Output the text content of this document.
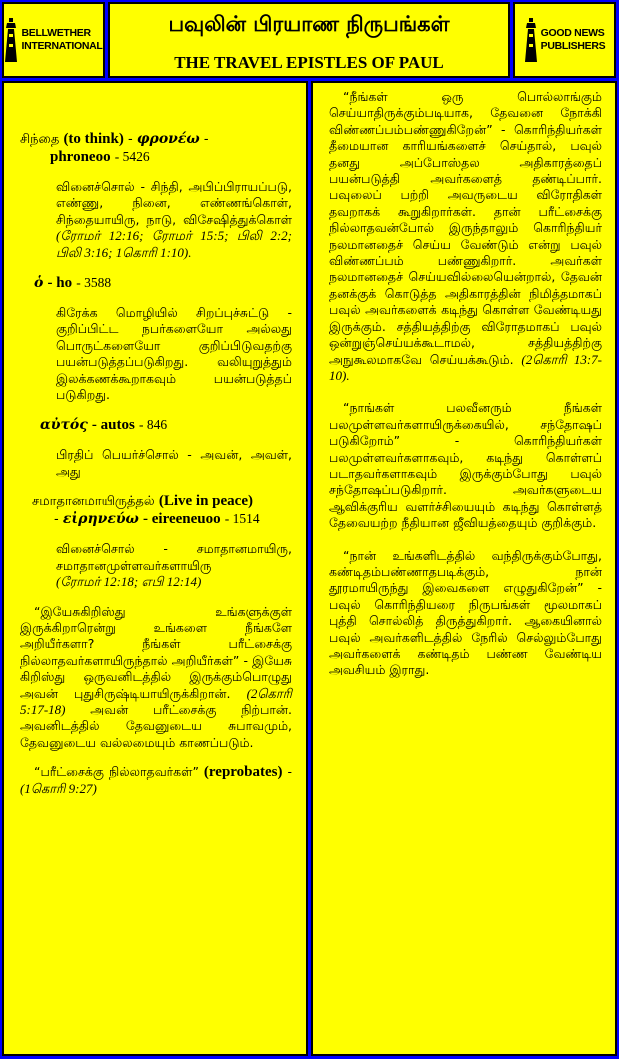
BELLWETHER
INTERNATIONAL
பவுலின் பிரயாண நிருபங்கள்
THE TRAVEL EPISTLES OF PAUL
GOOD NEWS
PUBLISHERS

சிந்தை (to think) - φρονέω -
phroneoo - 5426

வினைச்சொல் - சிந்தி, அபிப்பிராயப்படு, எண்ணு, நினை, எண்ணங்கொள், சிந்தையாயிரு, நாடு, விசேஷித்துக்கொள் (ரோமர் 12:16; ரோமர் 15:5; பிலி 2:2; பிலி 3:16; 1கொரி 1:10).

ὁ - ho - 3588

கிரேக்க மொழியில் சிறப்புச்சுட்டு - குறிப்பிட்ட நபர்களையோ அல்லது பொருட்களையோ குறிப்பிடுவதற்கு பயன்படுத்தப்படுகிறது. வலியுறுத்தும் இலக்கணக்கூறாகவும் பயன்படுத்தப் படுகிறது.

αὐτός - autos - 846

பிரதிப் பெயர்ச்சொல் - அவன், அவள், அது

சமாதானமாயிருத்தல் (Live in peace)
- εἰρηνεύω - eireeneuoo - 1514

வினைச்சொல் - சமாதானமாயிரு, சமாதானமுள்ளவர்களாயிரு
(ரோமர் 12:18; எபி 12:14)

“இயேசுகிறிஸ்து உங்களுக்குள் இருக்கிறாரென்று உங்களை நீங்களே அறியீர்களா? நீங்கள் பரீட்சைக்கு நில்லாதவர்களாயிருந்தால் அறியீர்கள்” - இயேசு கிறிஸ்து ஒருவனிடத்தில் இருக்கும்பொழுது அவன் புதுசிருஷ்டியாயிருக்கிறான். (2கொரி 5:17-18) அவன் பரீட்சைக்கு நிற்பான். அவனிடத்தில் தேவனுடைய சுபாவமும், தேவனுடைய வல்லமையும் காணப்படும்.

“பரீட்சைக்கு நில்லாதவர்கள்” (reprobates) - (1கொரி 9:27)

“நீங்கள் ஒரு பொல்லாங்கும் செய்யாதிருக்கும்படியாக, தேவனை நோக்கி விண்ணப்பம்பண்ணுகிறேன்” - கொரிந்தியர்கள் தீமையான காரியங்களைச் செய்தால், பவுல் தனது அப்போஸ்தல அதிகாரத்தைப் பயன்படுத்தி அவர்களைத் தண்டிப்பார். பவுலைப் பற்றி அவருடைய விரோதிகள் தவறாகக் கூறுகிறார்கள். தான் பரீட்சைக்கு நில்லாதவன்போல் இருந்தாலும் கொரிந்தியர் நலமானதைச் செய்ய வேண்டும் என்று பவுல் விண்ணப்பம் பண்ணுகிறார். அவர்கள் நலமானதைச் செய்யவில்லையென்றால், தேவன் தனக்குக் கொடுத்த அதிகாரத்தின் நிமித்தமாகப் பவுல் அவர்களைக் கடிந்து கொள்ள வேண்டியது இருக்கும். சத்தியத்திற்கு விரோதமாகப் பவுல் ஒன்றுஞ்செய்யக்கூடாமல், சத்தியத்திற்கு அநுகூலமாகவே செய்யக்கூடும். (2கொரி 13:7-10).

“நாங்கள் பலவீனரும் நீங்கள் பலமுள்ளவர்களாயிருக்கையில், சந்தோஷப் படுகிறோம்” - கொரிந்தியர்கள் பலமுள்ளவர்களாகவும், கடிந்து கொள்ளப் படாதவர்களாகவும் இருக்கும்போது பவுல் சந்தோஷப்படுகிறார். அவர்களுடைய ஆவிக்குரிய வளர்ச்சியையும் கடிந்து கொள்ளத் தேவையற்ற நீதியான ஜீவியத்தையும் குறிக்கும்.

“நான் உங்களிடத்தில் வந்திருக்கும்போது, கண்டிதம்பண்ணாதபடிக்கும், நான் தூரமாயிருந்து இவைகளை எழுதுகிறேன்” - பவுல் கொரிந்தியரை நிருபங்கள் மூலமாகப் புத்தி சொல்லித் திருத்துகிறார். ஆகையினால் பவுல் அவர்களிடத்தில் நேரில் செல்லும்போது அவர்களைக் கண்டிதம் பண்ண வேண்டிய அவசியம் இராது.
